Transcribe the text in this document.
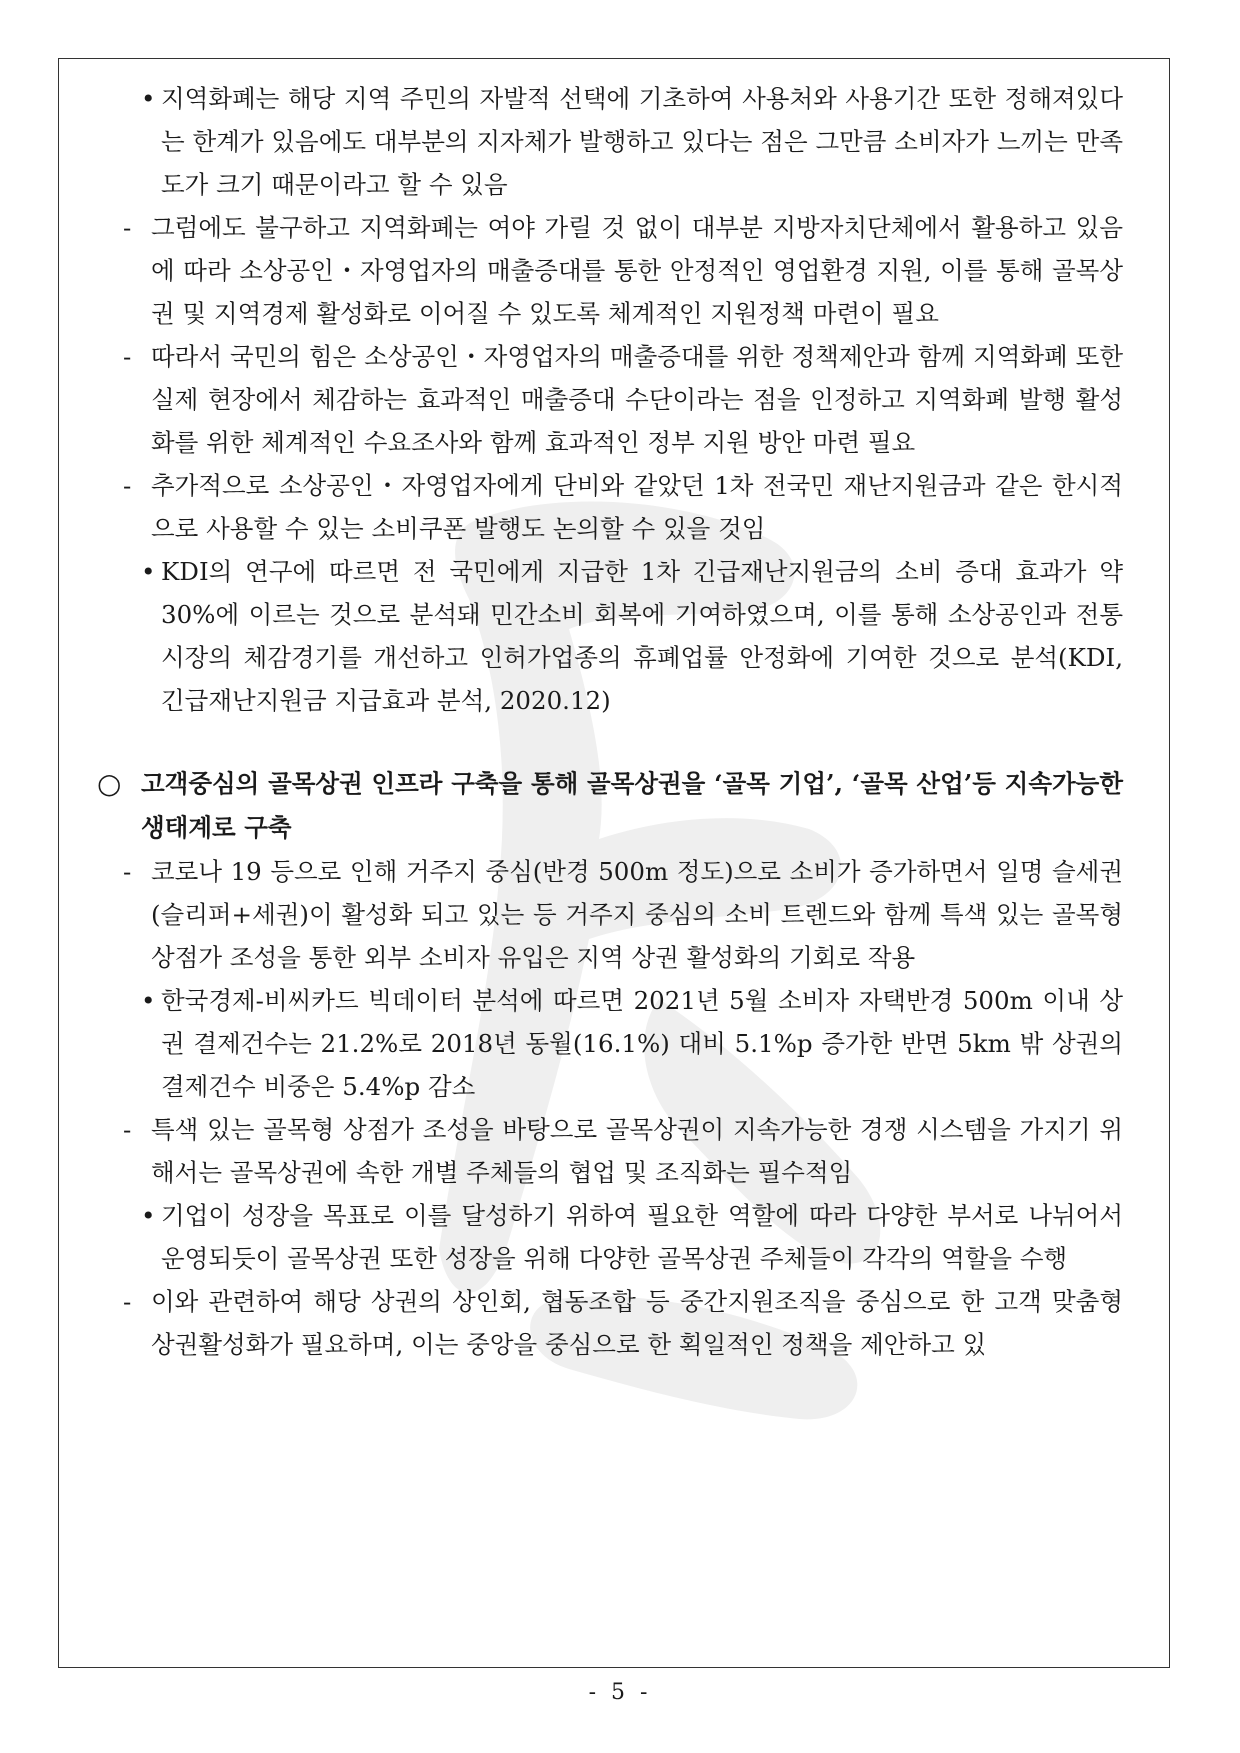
• 지역화폐는 해당 지역 주민의 자발적 선택에 기초하여 사용처와 사용기간 또한 정해져있다는 한계가 있음에도 대부분의 지자체가 발행하고 있다는 점은 그만큼 소비자가 느끼는 만족도가 크기 때문이라고 할 수 있음
- 그럼에도 불구하고 지역화폐는 여야 가릴 것 없이 대부분 지방자치단체에서 활용하고 있음에 따라 소상공인・자영업자의 매출증대를 통한 안정적인 영업환경 지원, 이를 통해 골목상권 및 지역경제 활성화로 이어질 수 있도록 체계적인 지원정책 마련이 필요
- 따라서 국민의 힘은 소상공인・자영업자의 매출증대를 위한 정책제안과 함께 지역화폐 또한 실제 현장에서 체감하는 효과적인 매출증대 수단이라는 점을 인정하고 지역화폐 발행 활성화를 위한 체계적인 수요조사와 함께 효과적인 정부 지원 방안 마련 필요
- 추가적으로 소상공인・자영업자에게 단비와 같았던 1차 전국민 재난지원금과 같은 한시적으로 사용할 수 있는 소비쿠폰 발행도 논의할 수 있을 것임
• KDI의 연구에 따르면 전 국민에게 지급한 1차 긴급재난지원금의 소비 증대 효과가 약 30%에 이르는 것으로 분석돼 민간소비 회복에 기여하였으며, 이를 통해 소상공인과 전통시장의 체감경기를 개선하고 인허가업종의 휴폐업률 안정화에 기여한 것으로 분석(KDI, 긴급재난지원금 지급효과 분석, 2020.12)
○ 고객중심의 골목상권 인프라 구축을 통해 골목상권을 ‘골목 기업’, ‘골목 산업’등 지속가능한 생태계로 구축
- 코로나 19 등으로 인해 거주지 중심(반경 500m 정도)으로 소비가 증가하면서 일명 슬세권(슬리퍼+세권)이 활성화 되고 있는 등 거주지 중심의 소비 트렌드와 함께 특색 있는 골목형 상점가 조성을 통한 외부 소비자 유입은 지역 상권 활성화의 기회로 작용
• 한국경제-비씨카드 빅데이터 분석에 따르면 2021년 5월 소비자 자택반경 500m 이내 상권 결제건수는 21.2%로 2018년 동월(16.1%) 대비 5.1%p 증가한 반면 5km 밖 상권의 결제건수 비중은 5.4%p 감소
- 특색 있는 골목형 상점가 조성을 바탕으로 골목상권이 지속가능한 경쟁 시스템을 가지기 위해서는 골목상권에 속한 개별 주체들의 협업 및 조직화는 필수적임
• 기업이 성장을 목표로 이를 달성하기 위하여 필요한 역할에 따라 다양한 부서로 나뉘어서 운영되듯이 골목상권 또한 성장을 위해 다양한 골목상권 주체들이 각각의 역할을 수행
- 이와 관련하여 해당 상권의 상인회, 협동조합 등 중간지원조직을 중심으로 한 고객 맞춤형 상권활성화가 필요하며, 이는 중앙을 중심으로 한 획일적인 정책을 제안하고 있
- 5 -
